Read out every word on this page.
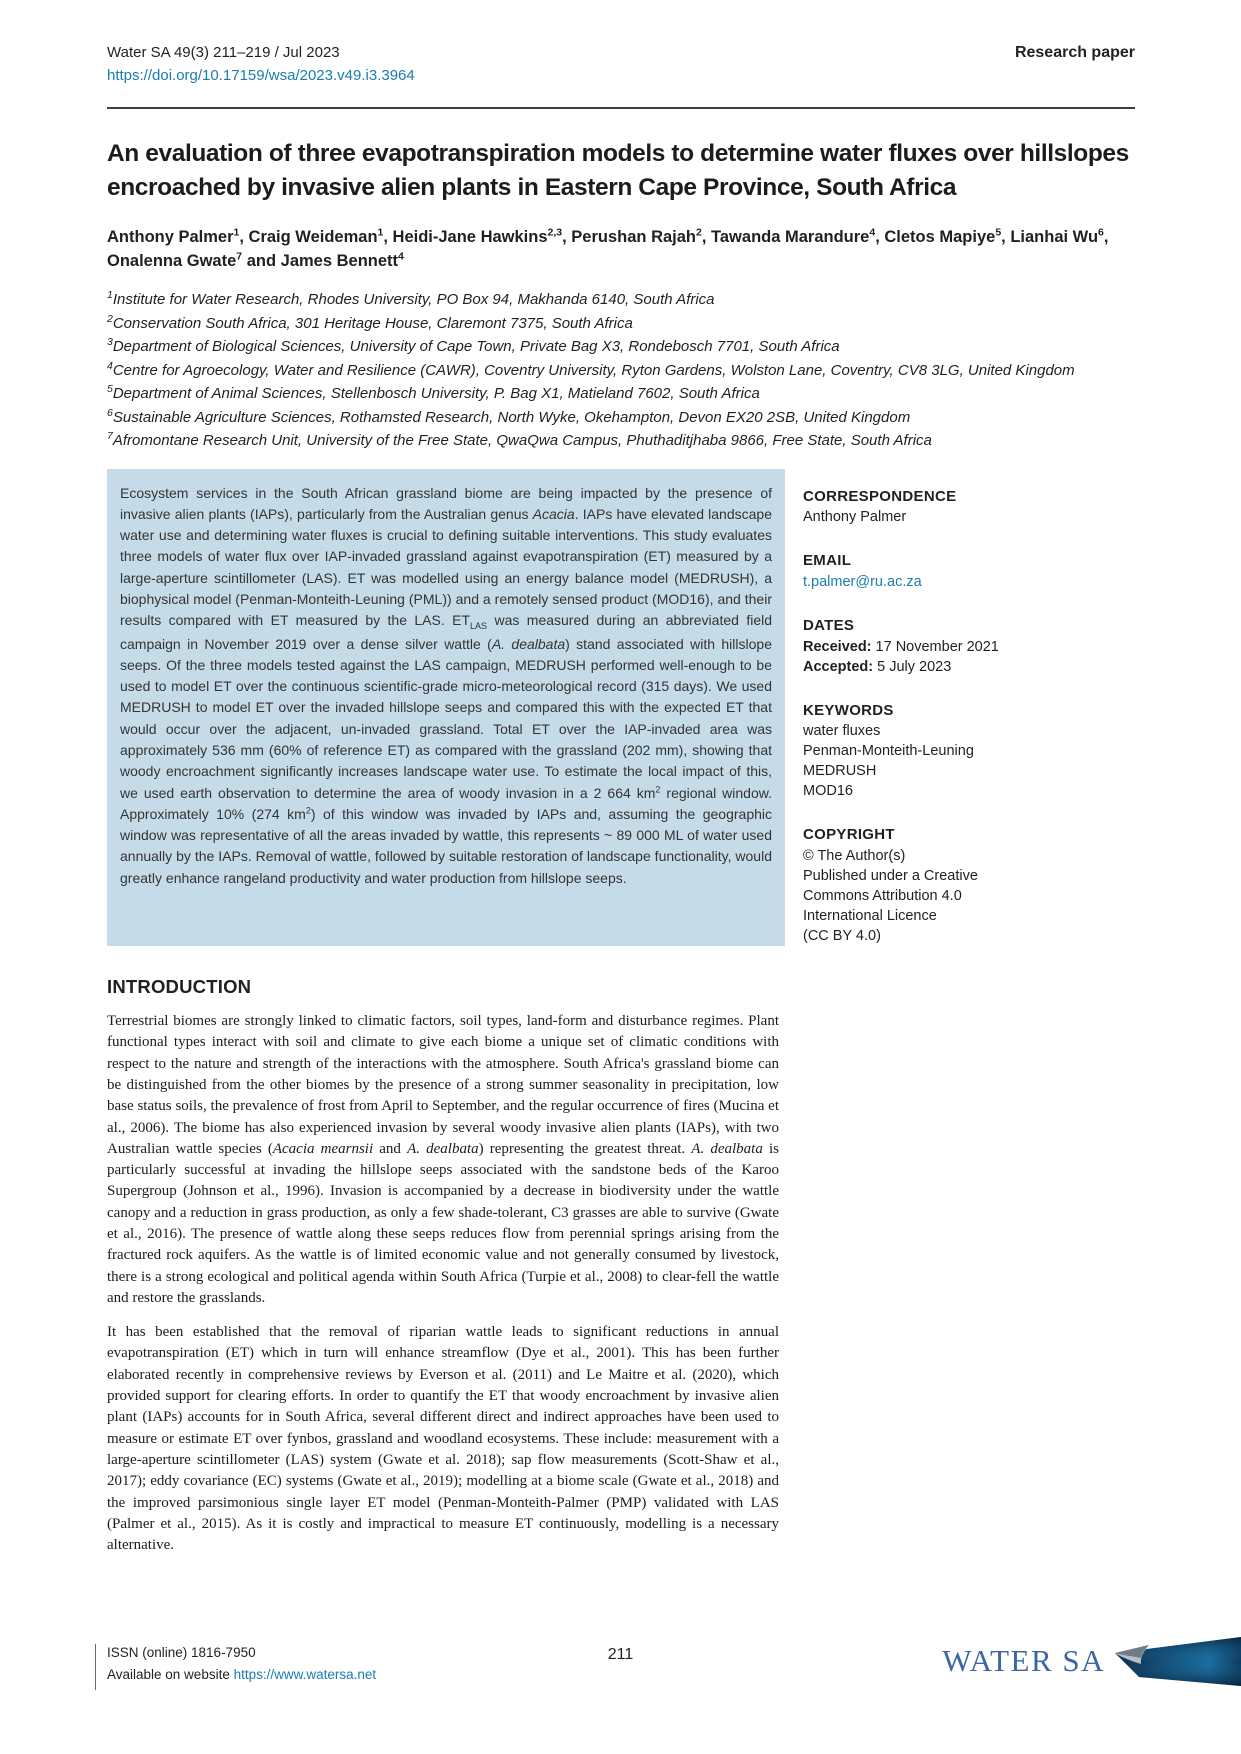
Water SA 49(3) 211–219 / Jul 2023
https://doi.org/10.17159/wsa/2023.v49.i3.3964
Research paper
An evaluation of three evapotranspiration models to determine water fluxes over hillslopes encroached by invasive alien plants in Eastern Cape Province, South Africa
Anthony Palmer$^1$, Craig Weideman$^1$, Heidi-Jane Hawkins$^{2,3}$, Perushan Rajah$^2$, Tawanda Marandure$^4$, Cletos Mapiye$^5$, Lianhai Wu$^6$, Onalenna Gwate$^7$ and James Bennett$^4$
$^1$Institute for Water Research, Rhodes University, PO Box 94, Makhanda 6140, South Africa
$^2$Conservation South Africa, 301 Heritage House, Claremont 7375, South Africa
$^3$Department of Biological Sciences, University of Cape Town, Private Bag X3, Rondebosch 7701, South Africa
$^4$Centre for Agroecology, Water and Resilience (CAWR), Coventry University, Ryton Gardens, Wolston Lane, Coventry, CV8 3LG, United Kingdom
$^5$Department of Animal Sciences, Stellenbosch University, P. Bag X1, Matieland 7602, South Africa
$^6$Sustainable Agriculture Sciences, Rothamsted Research, North Wyke, Okehampton, Devon EX20 2SB, United Kingdom
$^7$Afromontane Research Unit, University of the Free State, QwaQwa Campus, Phuthaditjhaba 9866, Free State, South Africa
Ecosystem services in the South African grassland biome are being impacted by the presence of invasive alien plants (IAPs), particularly from the Australian genus Acacia. IAPs have elevated landscape water use and determining water fluxes is crucial to defining suitable interventions. This study evaluates three models of water flux over IAP-invaded grassland against evapotranspiration (ET) measured by a large-aperture scintillometer (LAS). ET was modelled using an energy balance model (MEDRUSH), a biophysical model (Penman-Monteith-Leuning (PML)) and a remotely sensed product (MOD16), and their results compared with ET measured by the LAS. $ET_{LAS}$ was measured during an abbreviated field campaign in November 2019 over a dense silver wattle (A. dealbata) stand associated with hillslope seeps. Of the three models tested against the LAS campaign, MEDRUSH performed well-enough to be used to model ET over the continuous scientific-grade micro-meteorological record (315 days). We used MEDRUSH to model ET over the invaded hillslope seeps and compared this with the expected ET that would occur over the adjacent, un-invaded grassland. Total ET over the IAP-invaded area was approximately 536 mm (60% of reference ET) as compared with the grassland (202 mm), showing that woody encroachment significantly increases landscape water use. To estimate the local impact of this, we used earth observation to determine the area of woody invasion in a 2 664 $km^2$ regional window. Approximately 10% (274 $km^2$) of this window was invaded by IAPs and, assuming the geographic window was representative of all the areas invaded by wattle, this represents ~ 89 000 ML of water used annually by the IAPs. Removal of wattle, followed by suitable restoration of landscape functionality, would greatly enhance rangeland productivity and water production from hillslope seeps.
CORRESPONDENCE
Anthony Palmer
EMAIL
t.palmer@ru.ac.za
DATES
Received: 17 November 2021
Accepted: 5 July 2023
KEYWORDS
water fluxes
Penman-Monteith-Leuning
MEDRUSH
MOD16
COPYRIGHT
© The Author(s)
Published under a Creative
Commons Attribution 4.0
International Licence
(CC BY 4.0)
INTRODUCTION

Terrestrial biomes are strongly linked to climatic factors, soil types, land-form and disturbance regimes. Plant functional types interact with soil and climate to give each biome a unique set of climatic conditions with respect to the nature and strength of the interactions with the atmosphere. South Africa's grassland biome can be distinguished from the other biomes by the presence of a strong summer seasonality in precipitation, low base status soils, the prevalence of frost from April to September, and the regular occurrence of fires (Mucina et al., 2006). The biome has also experienced invasion by several woody invasive alien plants (IAPs), with two Australian wattle species (Acacia mearnsii and A. dealbata) representing the greatest threat. A. dealbata is particularly successful at invading the hillslope seeps associated with the sandstone beds of the Karoo Supergroup (Johnson et al., 1996). Invasion is accompanied by a decrease in biodiversity under the wattle canopy and a reduction in grass production, as only a few shade-tolerant, C3 grasses are able to survive (Gwate et al., 2016). The presence of wattle along these seeps reduces flow from perennial springs arising from the fractured rock aquifers. As the wattle is of limited economic value and not generally consumed by livestock, there is a strong ecological and political agenda within South Africa (Turpie et al., 2008) to clear-fell the wattle and restore the grasslands.

It has been established that the removal of riparian wattle leads to significant reductions in annual evapotranspiration (ET) which in turn will enhance streamflow (Dye et al., 2001). This has been further elaborated recently in comprehensive reviews by Everson et al. (2011) and Le Maitre et al. (2020), which provided support for clearing efforts. In order to quantify the ET that woody encroachment by invasive alien plant (IAPs) accounts for in South Africa, several different direct and indirect approaches have been used to measure or estimate ET over fynbos, grassland and woodland ecosystems. These include: measurement with a large-aperture scintillometer (LAS) system (Gwate et al. 2018); sap flow measurements (Scott-Shaw et al., 2017); eddy covariance (EC) systems (Gwate et al., 2019); modelling at a biome scale (Gwate et al., 2018) and the improved parsimonious single layer ET model (Penman-Monteith-Palmer (PMP) validated with LAS (Palmer et al., 2015). As it is costly and impractical to measure ET continuously, modelling is a necessary alternative.

ISSN (online) 1816-7950
Available on website https://www.watersa.net
211	WATER SA
